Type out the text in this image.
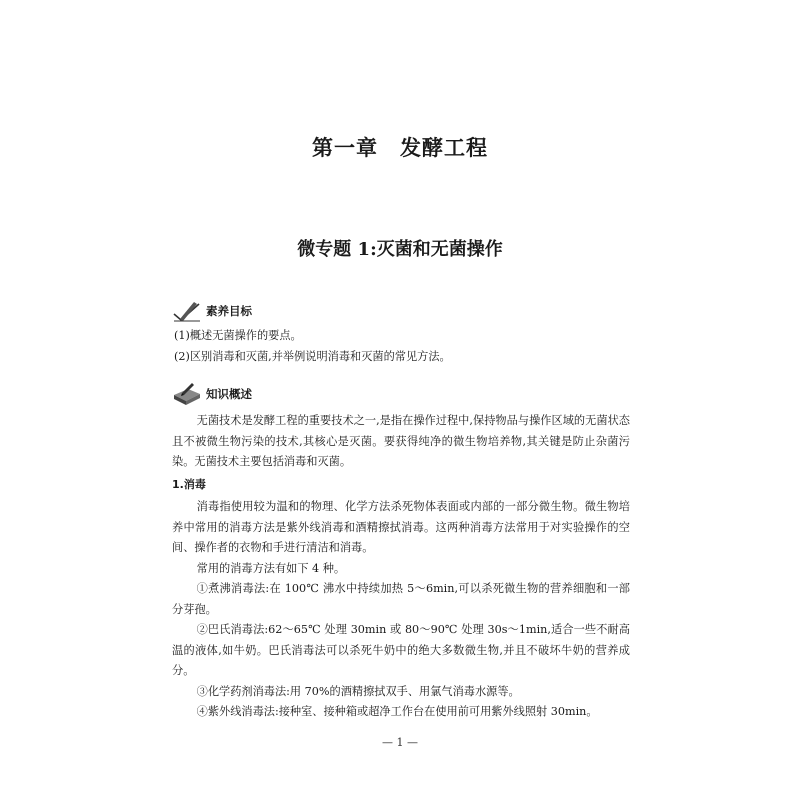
第一章　发酵工程
微专题 1:灭菌和无菌操作
素养目标

(1)概述无菌操作的要点。

(2)区别消毒和灭菌,并举例说明消毒和灭菌的常见方法。

知识概述

无菌技术是发酵工程的重要技术之一,是指在操作过程中,保持物品与操作区域的无菌状态且不被微生物污染的技术,其核心是灭菌。要获得纯净的微生物培养物,其关键是防止杂菌污染。无菌技术主要包括消毒和灭菌。

1.消毒

消毒指使用较为温和的物理、化学方法杀死物体表面或内部的一部分微生物。微生物培养中常用的消毒方法是紫外线消毒和酒精擦拭消毒。这两种消毒方法常用于对实验操作的空间、操作者的衣物和手进行清洁和消毒。

常用的消毒方法有如下 4 种。

①煮沸消毒法:在 100℃ 沸水中持续加热 5～6min,可以杀死微生物的营养细胞和一部分芽孢。

②巴氏消毒法:62～65℃ 处理 30min 或 80～90℃ 处理 30s～1min,适合一些不耐高温的液体,如牛奶。巴氏消毒法可以杀死牛奶中的绝大多数微生物,并且不破坏牛奶的营养成分。

③化学药剂消毒法:用 70%的酒精擦拭双手、用氯气消毒水源等。

④紫外线消毒法:接种室、接种箱或超净工作台在使用前可用紫外线照射 30min。

— 1 —
